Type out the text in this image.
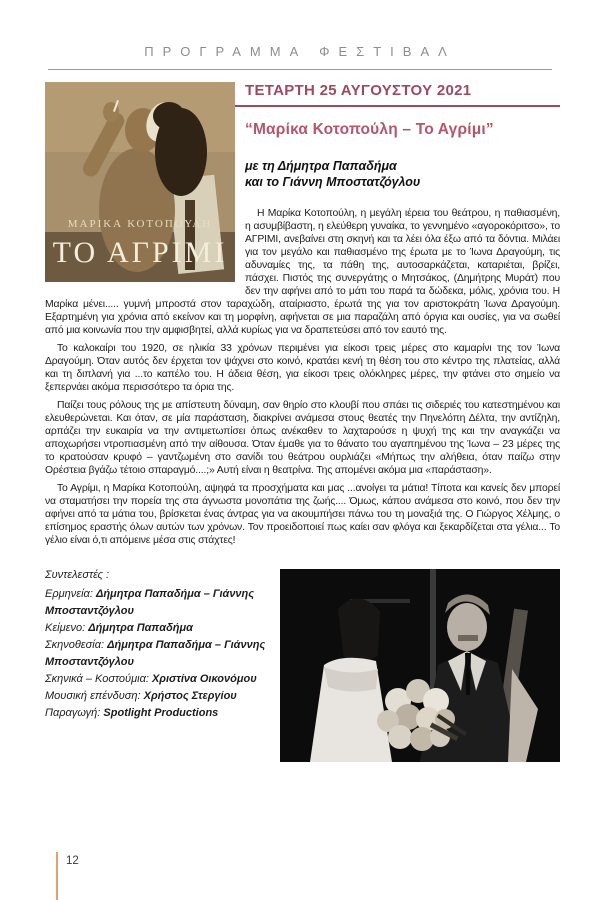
ΠΡΟΓΡΑΜΜΑ ΦΕΣΤΙΒΑΛ
ΜΑΡΙΚΑ ΚΟΤΟΠΟΥΛΗ
ΤΟ ΑΓΡΙΜΙ
ΤΕΤΑΡΤΗ 25 ΑΥΓΟΥΣΤΟΥ 2021
“Μαρίκα Κοτοπούλη – Το Αγρίμι”
με τη Δήμητρα Παπαδήμα
και το Γιάννη Μποστατζόγλου

Η Μαρίκα Κοτοπούλη, η μεγάλη ιέρεια του θεάτρου, η παθιασμένη, η ασυμβίβαστη, η ελεύθερη γυναίκα, το γεννημένο «αγοροκόριτσο», το ΑΓΡΙΜΙ, ανεβαίνει στη σκηνή και τα λέει όλα έξω από τα δόντια. Μιλάει για τον μεγάλο και παθιασμένο της έρωτα με το Ίωνα Δραγούμη, τις αδυναμίες της, τα πάθη της, αυτοσαρκάζεται, καταριέται, βρίζει, πάσχει. Πιστός της συνεργάτης ο Μητσάκος, (Δημήτρης Μυράτ) που δεν την αφήνει από το μάτι του παρά τα δώδεκα, μόλις, χρόνια του. Η Μαρίκα μένει..... γυμνή μπροστά στον ταραχώδη, αταίριαστο, έρωτά της για τον αριστοκράτη Ίωνα Δραγούμη. Εξαρτημένη για χρόνια από εκείνον και τη μορφίνη, αφήνεται σε μια παραζάλη από όργια και ουσίες, για να σωθεί από μια κοινωνία που την αμφισβητεί, αλλά κυρίως για να δραπετεύσει από τον εαυτό της.

Το καλοκαίρι του 1920, σε ηλικία 33 χρόνων περιμένει για είκοσι τρεις μέρες στο καμαρίνι της τον Ίωνα Δραγούμη. Όταν αυτός δεν έρχεται τον ψάχνει στο κοινό, κρατάει κενή τη θέση του στο κέντρο της πλατείας, αλλά και τη διπλανή για ...το καπέλο του. Η άδεια θέση, για είκοσι τρεις ολόκληρες μέρες, την φτάνει στο σημείο να ξεπερνάει ακόμα περισσότερο τα όρια της.

Παίζει τους ρόλους της με απίστευτη δύναμη, σαν θηρίο στο κλουβί που σπάει τις σιδεριές του κατεστημένου και ελευθερώνεται. Και όταν, σε μία παράσταση, διακρίνει ανάμεσα στους θεατές την Πηνελόπη Δέλτα, την αντίζηλη, αρπάζει την ευκαιρία να την αντιμετωπίσει όπως ανέκαθεν το λαχταρούσε η ψυχή της και την αναγκάζει να αποχωρήσει ντροπιασμένη από την αίθουσα. Όταν έμαθε για το θάνατο του αγαπημένου της Ίωνα – 23 μέρες της το κρατούσαν κρυφό – γαντζωμένη στο σανίδι του θεάτρου ουρλιάζει «Μήπως την αλήθεια, όταν παίζω στην Ορέστεια βγάζω τέτοιο σπαραγμό....;» Αυτή είναι η θεατρίνα. Της απομένει ακόμα μια «παράσταση».

Το Αγρίμι, η Μαρίκα Κοτοπούλη, αψηφά τα προσχήματα και μας ...ανοίγει τα μάτια! Τίποτα και κανείς δεν μπορεί να σταματήσει την πορεία της στα άγνωστα μονοπάτια της ζωής.... Όμως, κάπου ανάμεσα στο κοινό, που δεν την αφήνει από τα μάτια του, βρίσκεται ένας άντρας για να ακουμπήσει πάνω του τη μοναξιά της. Ο Γιώργος Χέλμης, ο επίσημος εραστής όλων αυτών των χρόνων. Τον προειδοποιεί πως καίει σαν φλόγα και ξεκαρδίζεται στα γέλια... Το γέλιο είναι ό,τι απόμεινε μέσα στις στάχτες!

Συντελεστές :
Ερμηνεία: Δήμητρα Παπαδήμα – Γιάννης Μποσταντζόγλου
Κείμενο: Δήμητρα Παπαδήμα
Σκηνοθεσία: Δήμητρα Παπαδήμα – Γιάννης Μποσταντζόγλου
Σκηνικά – Κοστούμια: Χριστίνα Οικονόμου
Μουσική επένδυση: Χρήστος Στεργίου
Παραγωγή: Spotlight Productions
12
